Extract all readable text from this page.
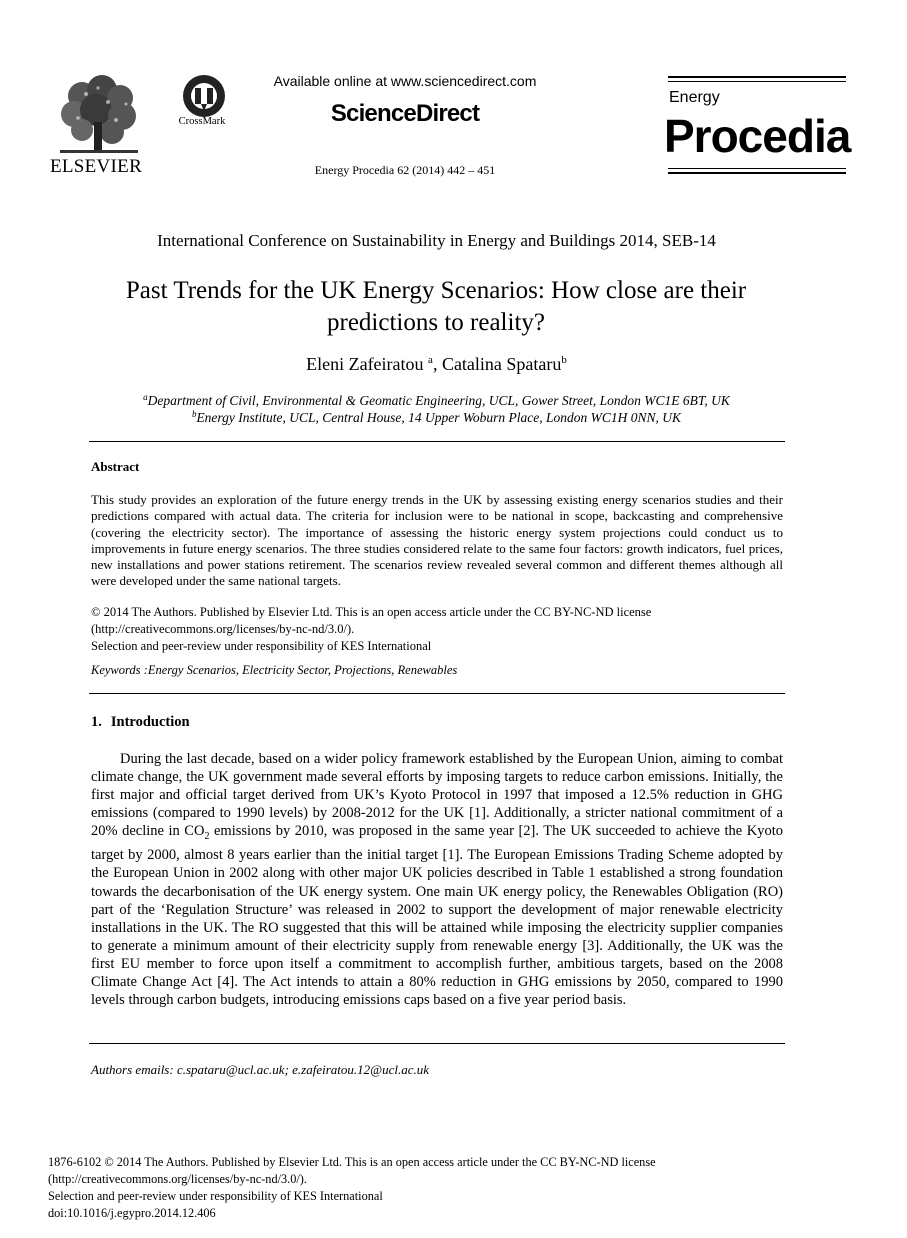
ELSEVIER
CrossMark
Available online at www.sciencedirect.com
ScienceDirect
Energy Procedia 62 (2014) 442 – 451
Energy
Procedia
International Conference on Sustainability in Energy and Buildings 2014, SEB-14
Past Trends for the UK Energy Scenarios: How close are their
predictions to reality?
Eleni Zafeiratou $^a$, Catalina Spataru$^b$
$^a$Department of Civil, Environmental & Geomatic Engineering, UCL, Gower Street, London WC1E 6BT, UK
$^b$Energy Institute, UCL, Central House, 14 Upper Woburn Place, London WC1H 0NN, UK
Abstract
This study provides an exploration of the future energy trends in the UK by assessing existing energy scenarios studies and their predictions compared with actual data. The criteria for inclusion were to be national in scope, backcasting and comprehensive (covering the electricity sector). The importance of assessing the historic energy system projections could conduct us to improvements in future energy scenarios. The three studies considered relate to the same four factors: growth indicators, fuel prices, new installations and power stations retirement. The scenarios review revealed several common and different themes although all were developed under the same national targets.
© 2014 The Authors. Published by Elsevier Ltd. This is an open access article under the CC BY-NC-ND license
(http://creativecommons.org/licenses/by-nc-nd/3.0/).
Selection and peer-review under responsibility of KES International
Keywords :Energy Scenarios, Electricity Sector, Projections, Renewables
1. Introduction
During the last decade, based on a wider policy framework established by the European Union, aiming to combat climate change, the UK government made several efforts by imposing targets to reduce carbon emissions. Initially, the first major and official target derived from UK’s Kyoto Protocol in 1997 that imposed a 12.5% reduction in GHG emissions (compared to 1990 levels) by 2008-2012 for the UK [1]. Additionally, a stricter national commitment of a 20% decline in $CO_2$ emissions by 2010, was proposed in the same year [2]. The UK succeeded to achieve the Kyoto target by 2000, almost 8 years earlier than the initial target [1]. The European Emissions Trading Scheme adopted by the European Union in 2002 along with other major UK policies described in Table 1 established a strong foundation towards the decarbonisation of the UK energy system. One main UK energy policy, the Renewables Obligation (RO) part of the ‘Regulation Structure’ was released in 2002 to support the development of major renewable electricity installations in the UK. The RO suggested that this will be attained while imposing the electricity supplier companies to generate a minimum amount of their electricity supply from renewable energy [3]. Additionally, the UK was the first EU member to force upon itself a commitment to accomplish further, ambitious targets, based on the 2008 Climate Change Act [4]. The Act intends to attain a 80% reduction in GHG emissions by 2050, compared to 1990 levels through carbon budgets, introducing emissions caps based on a five year period basis.
Authors emails: c.spataru@ucl.ac.uk; e.zafeiratou.12@ucl.ac.uk
1876-6102 © 2014 The Authors. Published by Elsevier Ltd. This is an open access article under the CC BY-NC-ND license
(http://creativecommons.org/licenses/by-nc-nd/3.0/).
Selection and peer-review under responsibility of KES International
doi:10.1016/j.egypro.2014.12.406
